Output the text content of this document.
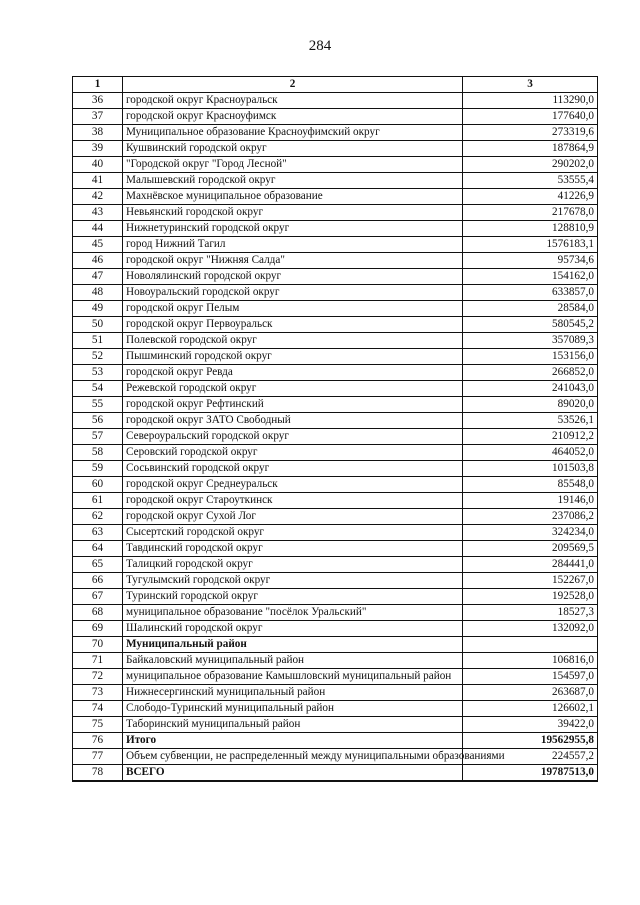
284
1	2	3
36	городской округ Красноуральск	113290,0
37	городской округ Красноуфимск	177640,0
38	Муниципальное образование Красноуфимский округ	273319,6
39	Кушвинский городской округ	187864,9
40	"Городской округ "Город Лесной"	290202,0
41	Малышевский городской округ	53555,4
42	Махнёвское муниципальное образование	41226,9
43	Невьянский городской округ	217678,0
44	Нижнетуринский городской округ	128810,9
45	город Нижний Тагил	1576183,1
46	городской округ "Нижняя Салда"	95734,6
47	Новолялинский городской округ	154162,0
48	Новоуральский городской округ	633857,0
49	городской округ Пелым	28584,0
50	городской округ Первоуральск	580545,2
51	Полевской городской округ	357089,3
52	Пышминский городской округ	153156,0
53	городской округ Ревда	266852,0
54	Режевской городской округ	241043,0
55	городской округ Рефтинский	89020,0
56	городской округ ЗАТО Свободный	53526,1
57	Североуральский городской округ	210912,2
58	Серовский городской округ	464052,0
59	Сосьвинский городской округ	101503,8
60	городской округ Среднеуральск	85548,0
61	городской округ Староуткинск	19146,0
62	городской округ Сухой Лог	237086,2
63	Сысертский городской округ	324234,0
64	Тавдинский городской округ	209569,5
65	Талицкий городской округ	284441,0
66	Тугулымский городской округ	152267,0
67	Туринский городской округ	192528,0
68	муниципальное образование "посёлок Уральский"	18527,3
69	Шалинский городской округ	132092,0
70	Муниципальный район	
71	Байкаловский муниципальный район	106816,0
72	муниципальное образование Камышловский муниципальный район	154597,0
73	Нижнесергинский муниципальный район	263687,0
74	Слободо-Туринский муниципальный район	126602,1
75	Таборинский муниципальный район	39422,0
76	Итого	19562955,8
77	Объем субвенции, не распределенный между муниципальными образованиями	224557,2
78	ВСЕГО	19787513,0
